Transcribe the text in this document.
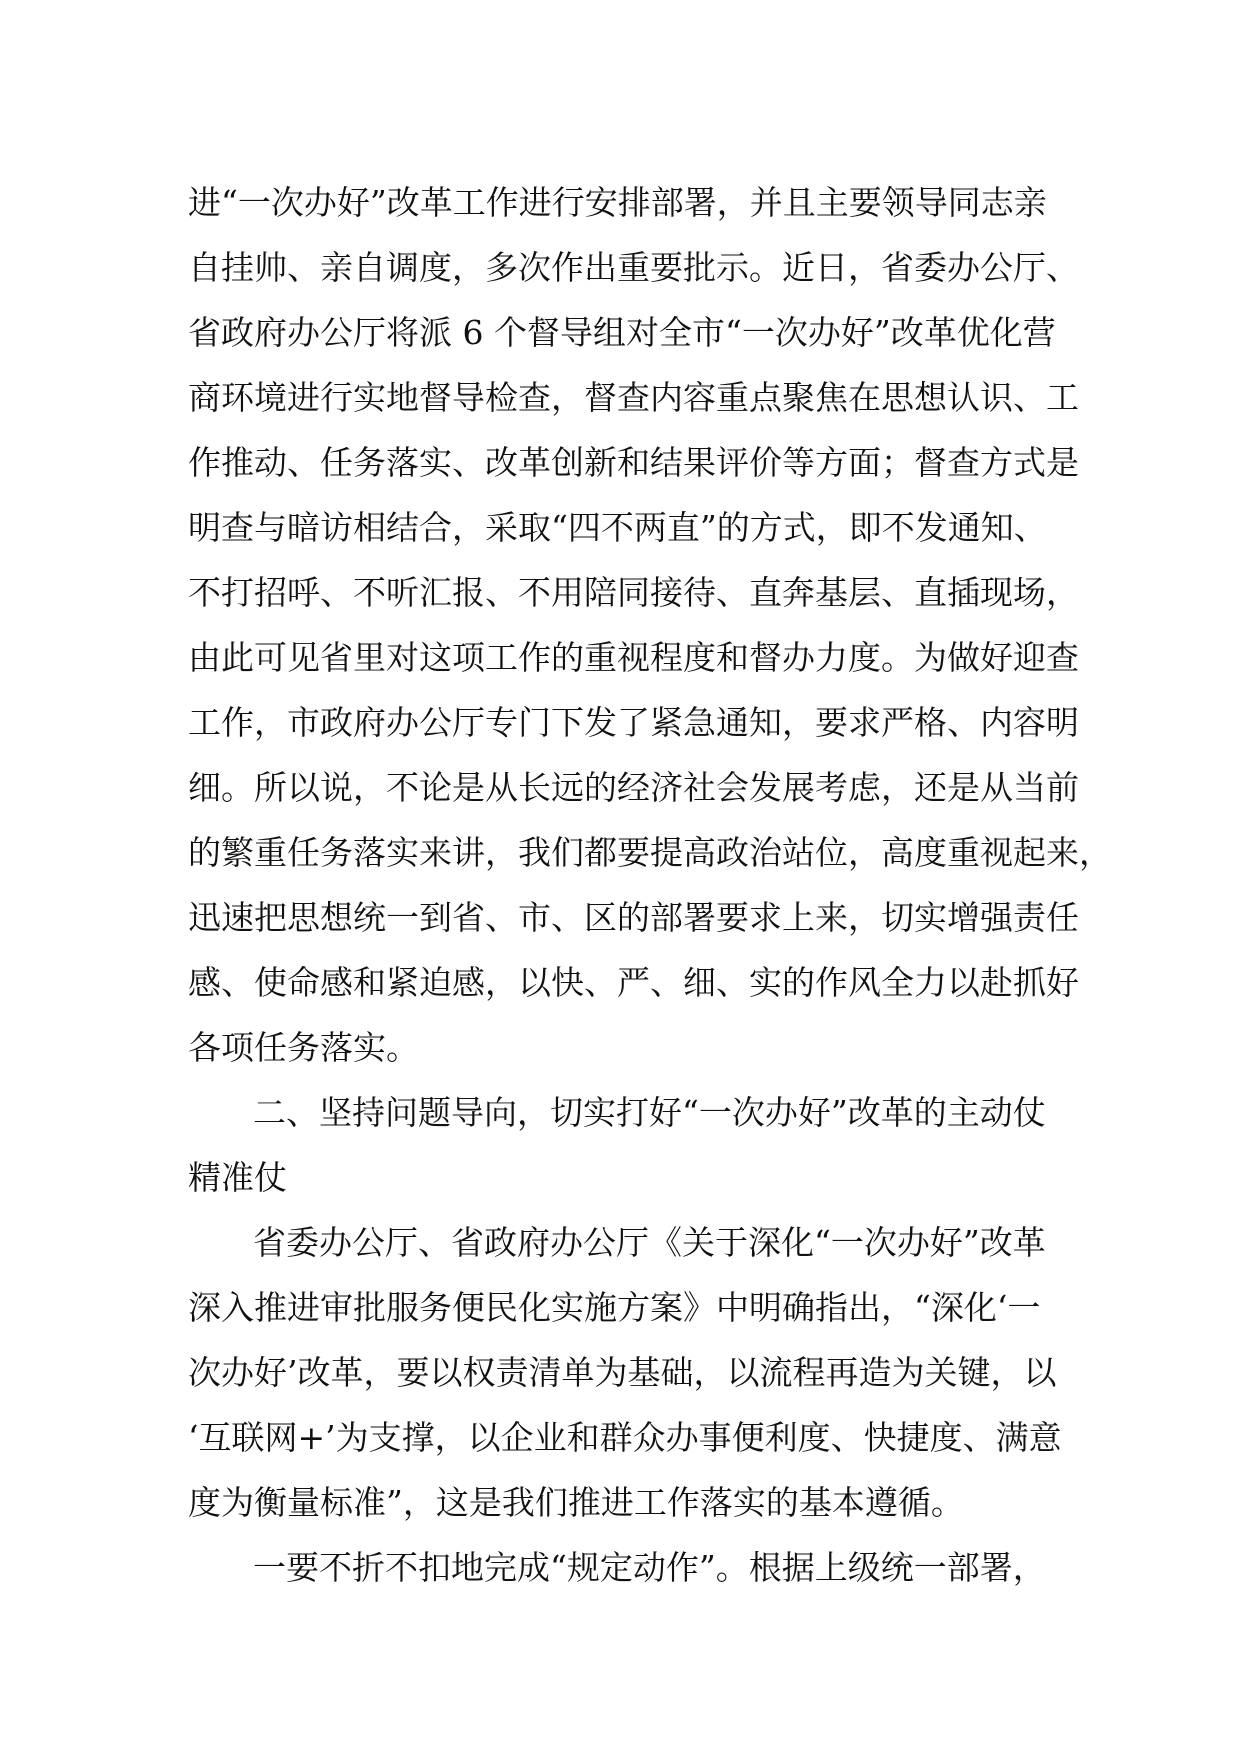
进“一次办好”改革工作进行安排部署，并且主要领导同志亲
自挂帅、亲自调度，多次作出重要批示。近日，省委办公厅、
省政府办公厅将派 6 个督导组对全市“一次办好”改革优化营
商环境进行实地督导检查，督查内容重点聚焦在思想认识、工
作推动、任务落实、改革创新和结果评价等方面；督查方式是
明查与暗访相结合，采取“四不两直”的方式，即不发通知、
不打招呼、不听汇报、不用陪同接待、直奔基层、直插现场，
由此可见省里对这项工作的重视程度和督办力度。为做好迎查
工作，市政府办公厅专门下发了紧急通知，要求严格、内容明
细。所以说，不论是从长远的经济社会发展考虑，还是从当前
的繁重任务落实来讲，我们都要提高政治站位，高度重视起来，
迅速把思想统一到省、市、区的部署要求上来，切实增强责任
感、使命感和紧迫感，以快、严、细、实的作风全力以赴抓好
各项任务落实。
二、坚持问题导向，切实打好“一次办好”改革的主动仗
精准仗
省委办公厅、省政府办公厅《关于深化“一次办好”改革
深入推进审批服务便民化实施方案》中明确指出，“深化‘一
次办好’改革，要以权责清单为基础，以流程再造为关键，以
‘互联网+’为支撑，以企业和群众办事便利度、快捷度、满意
度为衡量标准”，这是我们推进工作落实的基本遵循。
一要不折不扣地完成“规定动作”。根据上级统一部署，
